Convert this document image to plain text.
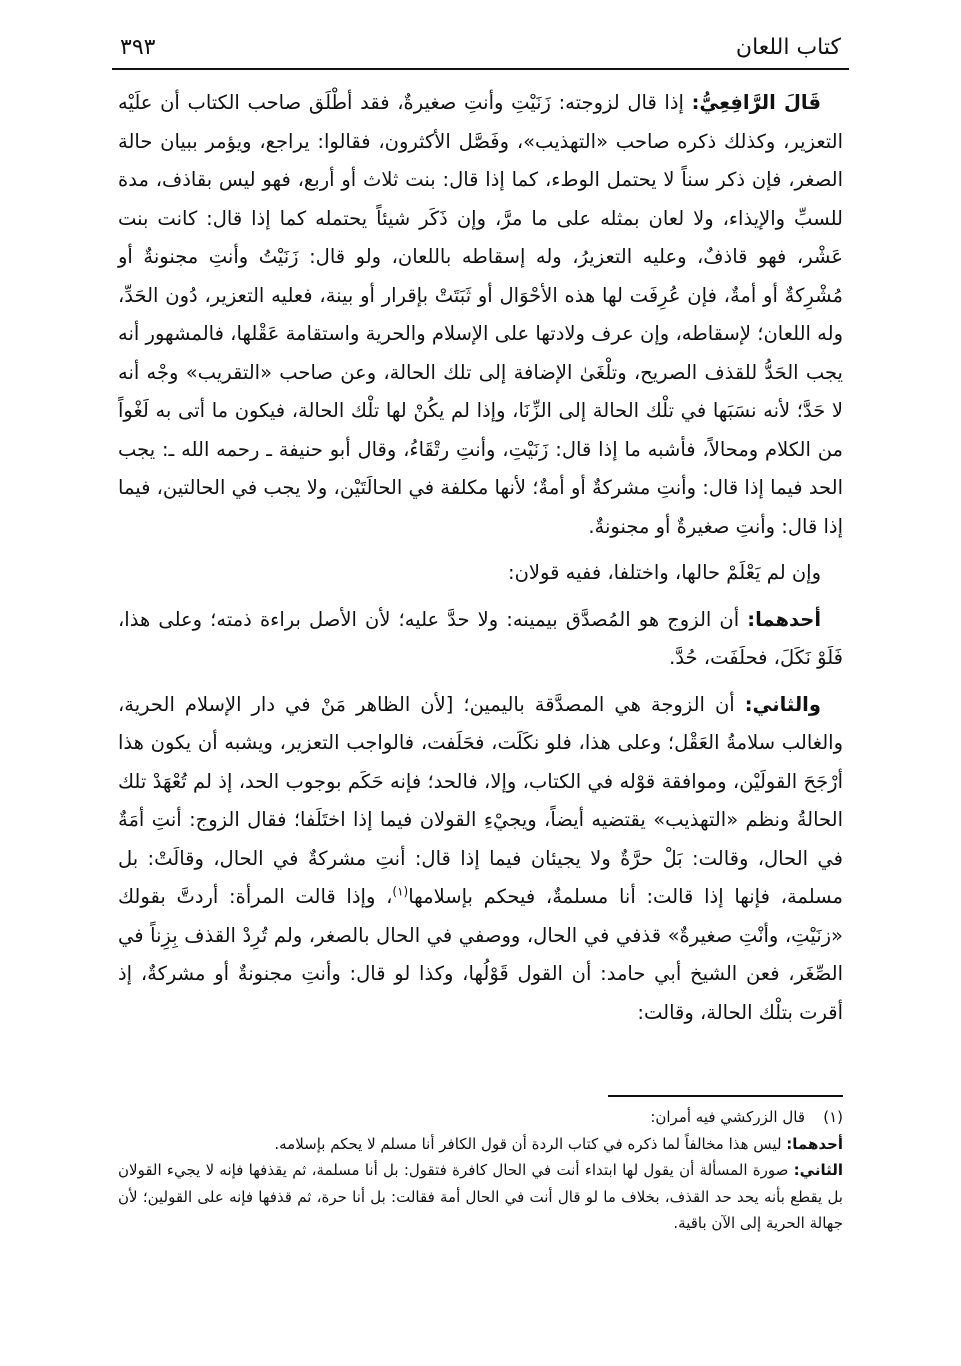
كتاب اللعان
٣٩٣

قَالَ الرَّافِعِيُّ: إذا قال لزوجته: زَنَيْتِ وأنتِ صغيرةٌ، فقد أطْلَق صاحب الكتاب أن علَيْه التعزير، وكذلك ذكره صاحب «التهذيب»، وفَصَّل الأكثرون، فقالوا: يراجع، ويؤمر ببيان حالة الصغر، فإن ذكر سناً لا يحتمل الوطء، كما إذا قال: بنت ثلاث أو أربع، فهو ليس بقاذف، مدة للسبِّ والإيذاء، ولا لعان بمثله على ما مرَّ، وإن ذَكَر شيئاً يحتمله كما إذا قال: كانت بنت عَشْر، فهو قاذفٌ، وعليه التعزيرُ، وله إسقاطه باللعان، ولو قال: زَنَيْتُ وأنتِ مجنونةٌ أو مُشْرِكةٌ أو أمةٌ، فإن عُرِفَت لها هذه الأحْوَال أو ثَبَتَتْ بإقرار أو بينة، فعليه التعزير، دُون الحَدِّ، وله اللعان؛ لإسقاطه، وإن عرف ولادتها على الإسلام والحرية واستقامة عَقْلها، فالمشهور أنه يجب الحَدُّ للقذف الصريح، وتلْغَىٰ الإضافة إلى تلك الحالة، وعن صاحب «التقريب» وجْه أنه لا حَدَّ؛ لأنه نسَبَها في تلْك الحالة إلى الزِّنَا، وإذا لم يكُنْ لها تلْك الحالة، فيكون ما أتى به لَغْواً من الكلام ومحالاً، فأشبه ما إذا قال: زَنَيْتِ، وأنتِ رتْقَاءُ، وقال أبو حنيفة ـ رحمه الله ـ: يجب الحد فيما إذا قال: وأنتِ مشركةٌ أو أمةٌ؛ لأنها مكلفة في الحالَتَيْن، ولا يجب في الحالتين، فيما إذا قال: وأنتِ صغيرةٌ أو مجنونةٌ.

وإن لم يَعْلَمْ حالها، واختلفا، ففيه قولان:

أحدهما: أن الزوج هو المُصدَّق بيمينه: ولا حدَّ عليه؛ لأن الأصل براءة ذمته؛ وعلى هذا، فَلَوْ نَكَلَ، فحلَفَت، حُدَّ.

والثاني: أن الزوجة هي المصدَّقة باليمين؛ [لأن الظاهر مَنْ في دار الإسلام الحرية، والغالب سلامةُ العَقْل؛ وعلى هذا، فلو نكَلَت، فحَلَفت، فالواجب التعزير، ويشبه أن يكون هذا أرْجَحَ القولَيْن، وموافقة قوْله في الكتاب، وإلا، فالحد؛ فإنه حَكَم بوجوب الحد، إذ لم تُعْهَدْ تلك الحالةُ ونظم «التهذيب» يقتضيه أيضاً، ويجيْءِ القولان فيما إذا اختَلَفا؛ فقال الزوج: أنتِ أمَةٌ في الحال، وقالت: بَلْ حرَّةٌ ولا يجيئان فيما إذا قال: أنتِ مشركةٌ في الحال، وقالَتْ: بل مسلمة، فإنها إذا قالت: أنا مسلمةٌ، فيحكم بإسلامها$^{(١)}$، وإذا قالت المرأة: أردتَّ بقولك «زنَيْتِ، وأنْتِ صغيرةٌ» قذفي في الحال، ووصفي في الحال بالصغر، ولم تُرِدْ القذف بِزِناً في الصِّغَر، فعن الشيخ أبي حامد: أن القول قَوْلُها، وكذا لو قال: وأنتِ مجنونةٌ أو مشركةٌ، إذ أقرت بتلْك الحالة، وقالت:

(١)قال الزركشي فيه أمران:

أحدهما: ليس هذا مخالفاً لما ذكره في كتاب الردة أن قول الكافر أنا مسلم لا يحكم بإسلامه.

الثاني: صورة المسألة أن يقول لها ابتداء أنت في الحال كافرة فتقول: بل أنا مسلمة، ثم يقذفها فإنه لا يجيء القولان بل يقطع بأنه يحد حد القذف، بخلاف ما لو قال أنت في الحال أمة فقالت: بل أنا حرة، ثم قذفها فإنه على القولين؛ لأن جهالة الحرية إلى الآن باقية.
